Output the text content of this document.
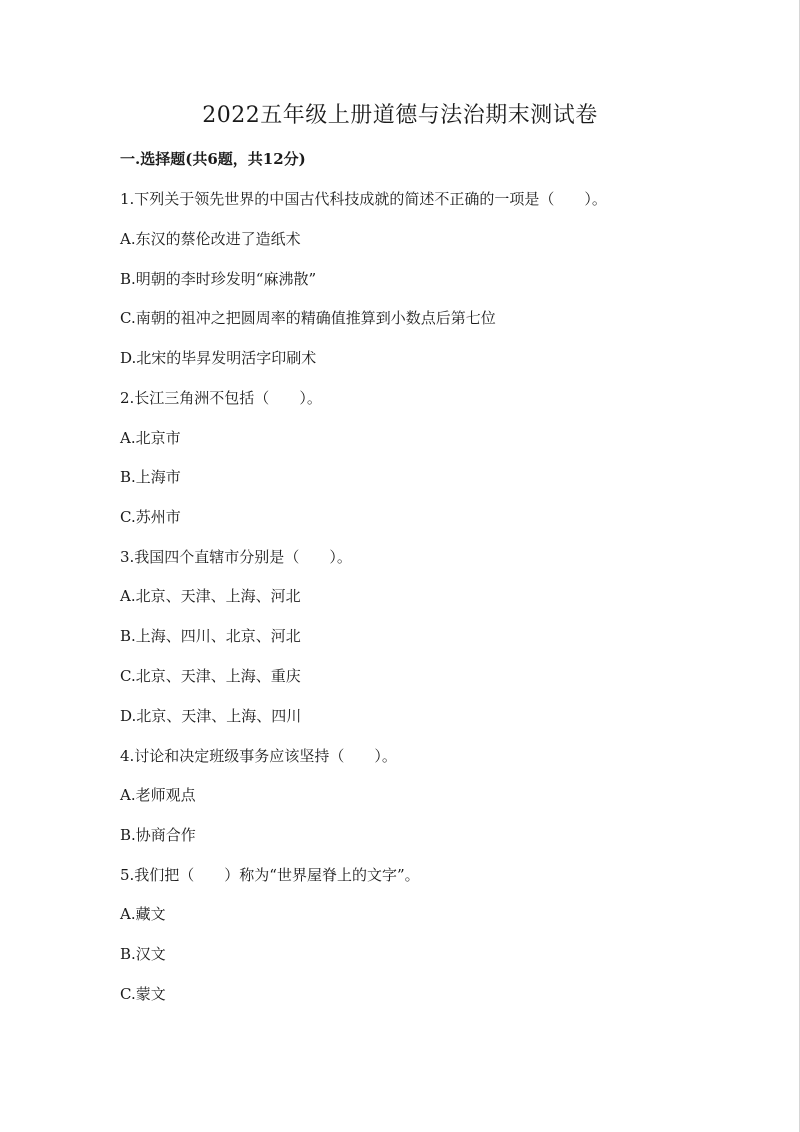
2022五年级上册道德与法治期末测试卷
一.选择题(共6题，共12分)
1.下列关于领先世界的中国古代科技成就的简述不正确的一项是（　　）。
A.东汉的蔡伦改进了造纸术
B.明朝的李时珍发明“麻沸散”
C.南朝的祖冲之把圆周率的精确值推算到小数点后第七位
D.北宋的毕昇发明活字印刷术
2.长江三角洲不包括（　　）。
A.北京市
B.上海市
C.苏州市
3.我国四个直辖市分别是（　　）。
A.北京、天津、上海、河北
B.上海、四川、北京、河北
C.北京、天津、上海、重庆
D.北京、天津、上海、四川
4.讨论和决定班级事务应该坚持（　　）。
A.老师观点
B.协商合作
5.我们把（　　）称为“世界屋脊上的文字”。
A.藏文
B.汉文
C.蒙文
